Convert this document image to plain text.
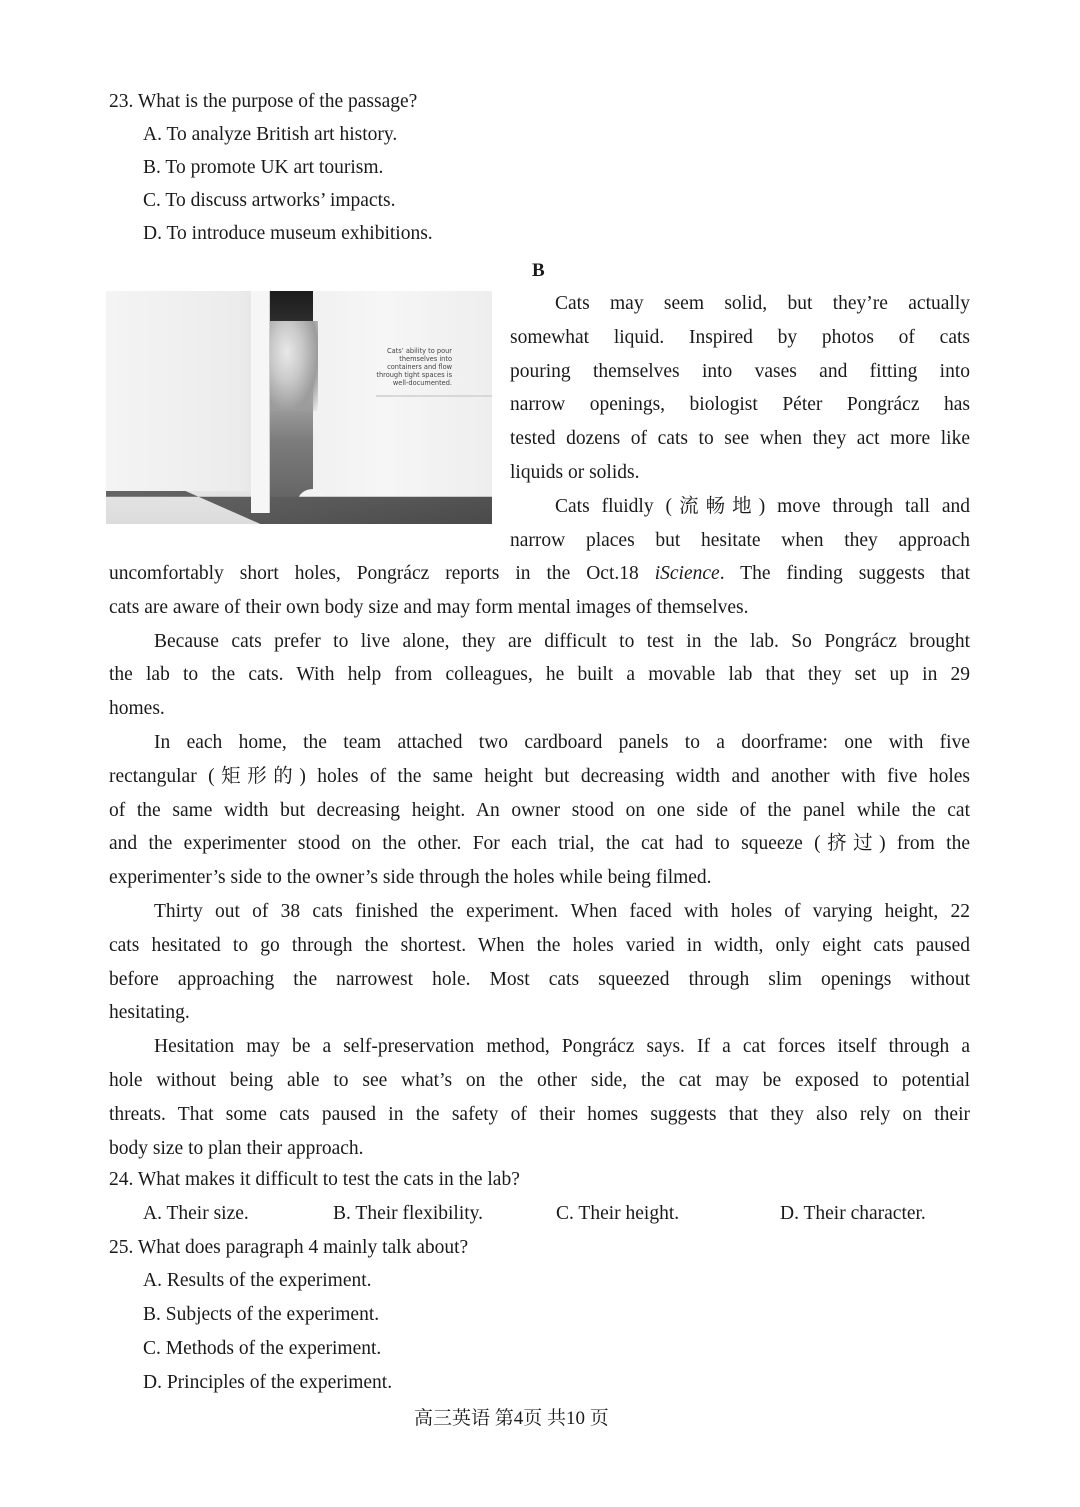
23. What is the purpose of the passage?
A. To analyze British art history.
B. To promote UK art tourism.
C. To discuss artworks’ impacts.
D. To introduce museum exhibitions.
B
Cats’ ability to pour
themselves into
containers and flow
through tight spaces is
well-documented.
Cats may seem solid, but they’re actually
somewhat liquid. Inspired by photos of cats
pouring themselves into vases and fitting into
narrow openings, biologist Péter Pongrácz has
tested dozens of cats to see when they act more like
liquids or solids.
Cats fluidly (流畅地) move through tall and
narrow places but hesitate when they approach
uncomfortably short holes, Pongrácz reports in the Oct.18 iScience. The finding suggests that
cats are aware of their own body size and may form mental images of themselves.
Because cats prefer to live alone, they are difficult to test in the lab. So Pongrácz brought
the lab to the cats. With help from colleagues, he built a movable lab that they set up in 29
homes.
In each home, the team attached two cardboard panels to a doorframe: one with five
rectangular (矩形的) holes of the same height but decreasing width and another with five holes
of the same width but decreasing height. An owner stood on one side of the panel while the cat
and the experimenter stood on the other. For each trial, the cat had to squeeze (挤过) from the
experimenter’s side to the owner’s side through the holes while being filmed.
Thirty out of 38 cats finished the experiment. When faced with holes of varying height, 22
cats hesitated to go through the shortest. When the holes varied in width, only eight cats paused
before approaching the narrowest hole. Most cats squeezed through slim openings without
hesitating.
Hesitation may be a self-preservation method, Pongrácz says. If a cat forces itself through a
hole without being able to see what’s on the other side, the cat may be exposed to potential
threats. That some cats paused in the safety of their homes suggests that they also rely on their
body size to plan their approach.
24. What makes it difficult to test the cats in the lab?
A. Their size.	B. Their flexibility.	C. Their height.	D. Their character.
25. What does paragraph 4 mainly talk about?
A. Results of the experiment.
B. Subjects of the experiment.
C. Methods of the experiment.
D. Principles of the experiment.
高三英语 第4页 共10 页
